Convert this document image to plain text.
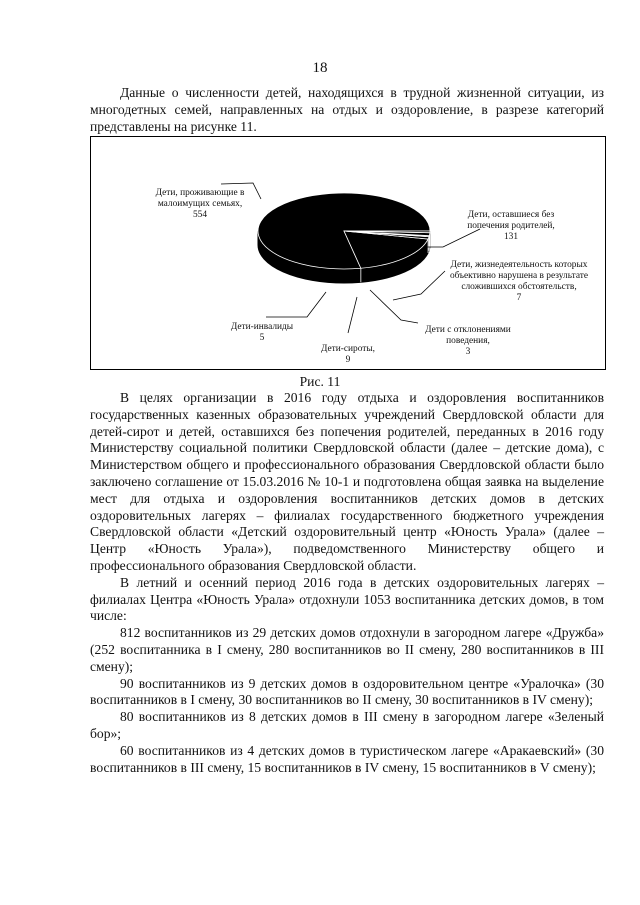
18

Данные о численности детей, находящихся в трудной жизненной ситуации, из многодетных семей, направленных на отдых и оздоровление, в разрезе категорий представлены на рисунке 11.

Дети, проживающие в малоимущих семьях,
554	Дети, оставшиеся без попечения родителей,
131

Дети, жизнедеятельность которых объективно нарушена в результате сложившихся обстоятельств,
7

Дети с отклонениями поведения,
3

Дети-сироты,
9

Дети-инвалиды
5

Рис. 11

В целях организации в 2016 году отдыха и оздоровления воспитанников государственных казенных образовательных учреждений Свердловской области для детей-сирот и детей, оставшихся без попечения родителей, переданных в 2016 году Министерству социальной политики Свердловской области (далее – детские дома), с Министерством общего и профессионального образования Свердловской области было заключено соглашение от 15.03.2016 № 10-1 и подготовлена общая заявка на выделение мест для отдыха и оздоровления воспитанников детских домов в детских оздоровительных лагерях – филиалах государственного бюджетного учреждения Свердловской области «Детский оздоровительный центр «Юность Урала» (далее – Центр «Юность Урала»), подведомственного Министерству общего и профессионального образования Свердловской области.

В летний и осенний период 2016 года в детских оздоровительных лагерях – филиалах Центра «Юность Урала» отдохнули 1053 воспитанника детских домов, в том числе:

812 воспитанников из 29 детских домов отдохнули в загородном лагере «Дружба» (252 воспитанника в I смену, 280 воспитанников во II смену, 280 воспитанников в III смену);

90 воспитанников из 9 детских домов в оздоровительном центре «Уралочка» (30 воспитанников в I смену, 30 воспитанников во II смену, 30 воспитанников в IV смену);

80 воспитанников из 8 детских домов в III смену в загородном лагере «Зеленый бор»;

60 воспитанников из 4 детских домов в туристическом лагере «Аракаевский» (30 воспитанников в III смену, 15 воспитанников в IV смену, 15 воспитанников в V смену);
